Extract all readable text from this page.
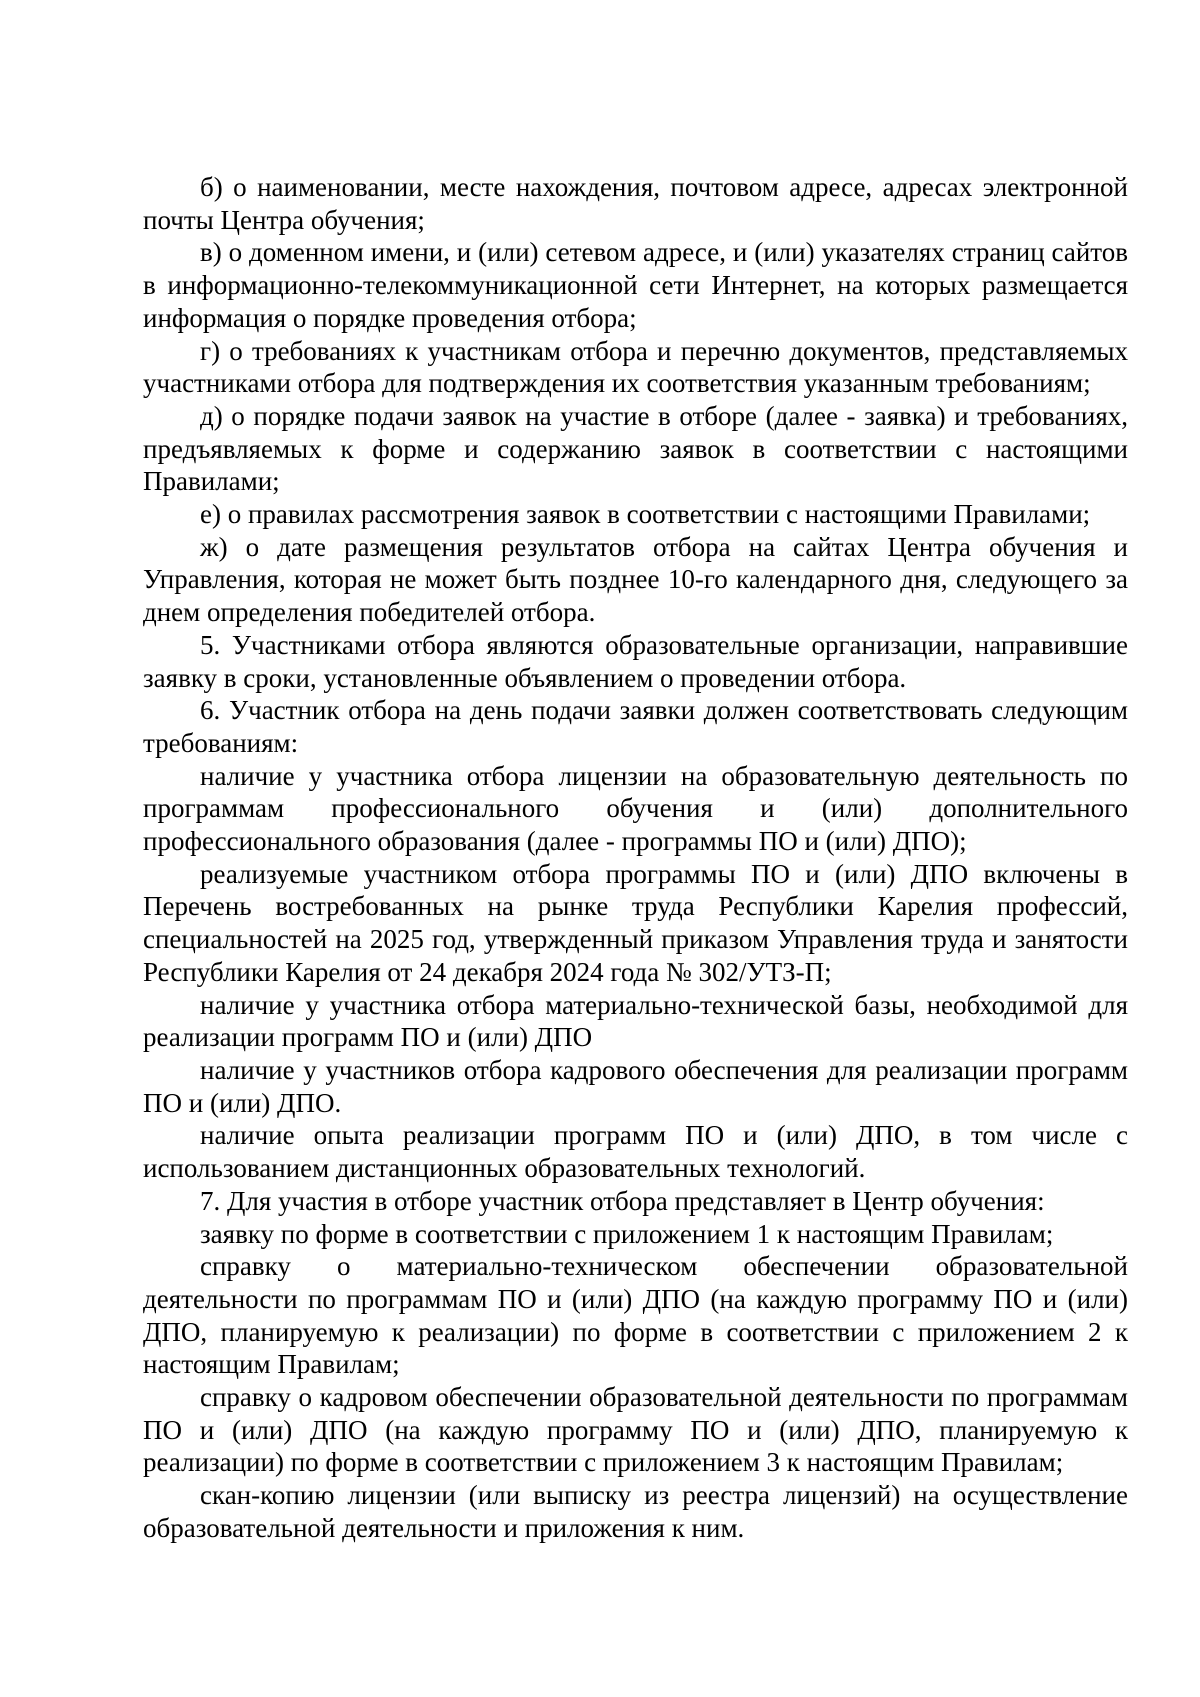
б) о наименовании, месте нахождения, почтовом адресе, адресах электронной почты Центра обучения;

в) о доменном имени, и (или) сетевом адресе, и (или) указателях страниц сайтов в информационно-телекоммуникационной сети Интернет, на которых размещается информация о порядке проведения отбора;

г) о требованиях к участникам отбора и перечню документов, представляемых участниками отбора для подтверждения их соответствия указанным требованиям;

д) о порядке подачи заявок на участие в отборе (далее - заявка) и требованиях, предъявляемых к форме и содержанию заявок в соответствии с настоящими Правилами;

е) о правилах рассмотрения заявок в соответствии с настоящими Правилами;

ж) о дате размещения результатов отбора на сайтах Центра обучения и Управления, которая не может быть позднее 10-го календарного дня, следующего за днем определения победителей отбора.

5. Участниками отбора являются образовательные организации, направившие заявку в сроки, установленные объявлением о проведении отбора.

6. Участник отбора на день подачи заявки должен соответствовать следующим требованиям:

наличие у участника отбора лицензии на образовательную деятельность по программам профессионального обучения и (или) дополнительного профессионального образования (далее - программы ПО и (или) ДПО);

реализуемые участником отбора программы ПО и (или) ДПО включены в Перечень востребованных на рынке труда Республики Карелия профессий, специальностей на 2025 год, утвержденный приказом Управления труда и занятости Республики Карелия от 24 декабря 2024 года № 302/УТЗ-П;

наличие у участника отбора материально-технической базы, необходимой для реализации программ ПО и (или) ДПО

наличие у участников отбора кадрового обеспечения для реализации программ ПО и (или) ДПО.

наличие опыта реализации программ ПО и (или) ДПО, в том числе с использованием дистанционных образовательных технологий.

7. Для участия в отборе участник отбора представляет в Центр обучения:

заявку по форме в соответствии с приложением 1 к настоящим Правилам;

справку о материально-техническом обеспечении образовательной деятельности по программам ПО и (или) ДПО (на каждую программу ПО и (или) ДПО, планируемую к реализации) по форме в соответствии с приложением 2 к настоящим Правилам;

справку о кадровом обеспечении образовательной деятельности по программам ПО и (или) ДПО (на каждую программу ПО и (или) ДПО, планируемую к реализации) по форме в соответствии с приложением 3 к настоящим Правилам;

скан-копию лицензии (или выписку из реестра лицензий) на осуществление образовательной деятельности и приложения к ним.
